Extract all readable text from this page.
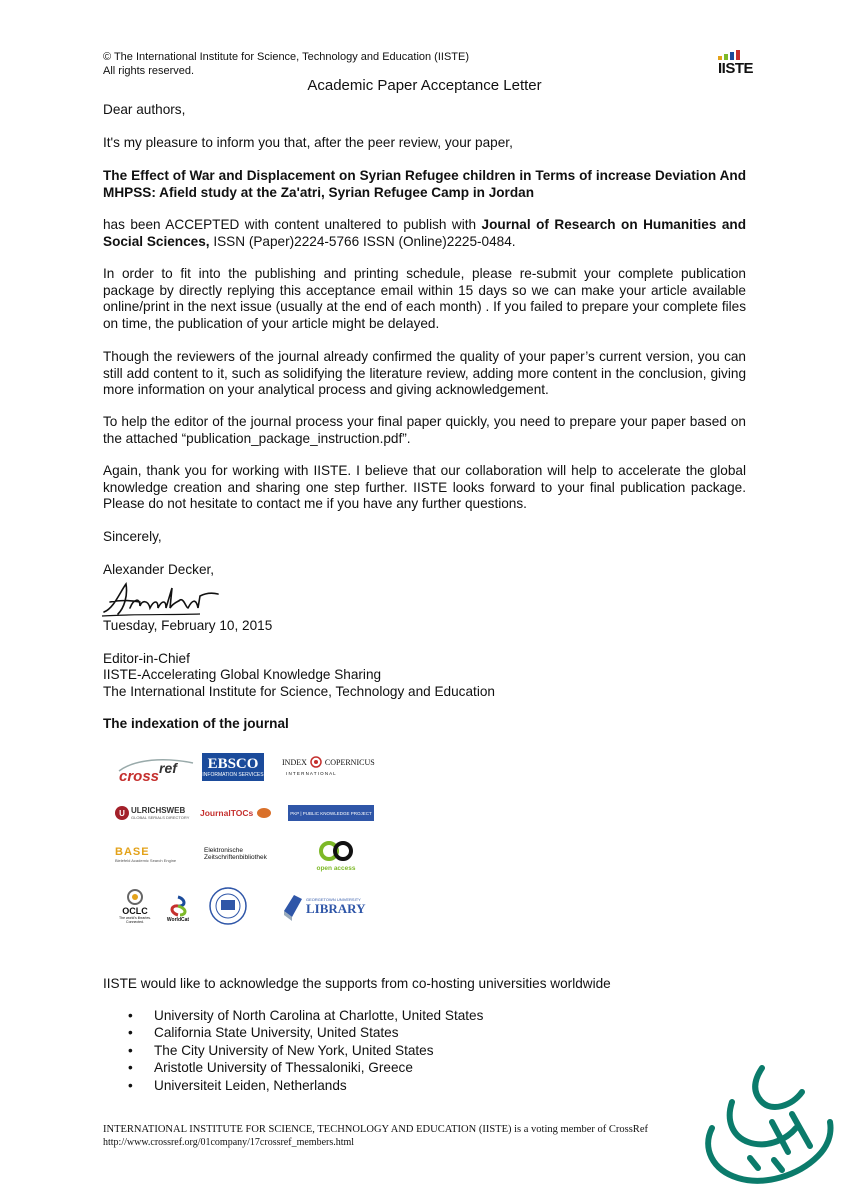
© The International Institute for Science, Technology and Education (IISTE)
All rights reserved.	IISTE
Academic Paper Acceptance Letter
Dear authors,
It's my pleasure to inform you that, after the peer review, your paper,
The Effect of War and Displacement on Syrian Refugee children in Terms of increase Deviation And MHPSS: Afield study at the Za'atri, Syrian Refugee Camp in Jordan
has been ACCEPTED with content unaltered to publish with Journal of Research on Humanities and Social Sciences, ISSN (Paper)2224-5766 ISSN (Online)2225-0484.
In order to fit into the publishing and printing schedule, please re-submit your complete publication package by directly replying this acceptance email within 15 days so we can make your article available online/print in the next issue (usually at the end of each month) . If you failed to prepare your complete files on time, the publication of your article might be delayed.
Though the reviewers of the journal already confirmed the quality of your paper’s current version, you can still add content to it, such as solidifying the literature review, adding more content in the conclusion, giving more information on your analytical process and giving acknowledgement.
To help the editor of the journal process your final paper quickly, you need to prepare your paper based on the attached “publication_package_instruction.pdf”.
Again, thank you for working with IISTE. I believe that our collaboration will help to accelerate the global knowledge creation and sharing one step further. IISTE looks forward to your final publication package. Please do not hesitate to contact me if you have any further questions.
Sincerely,
Alexander Decker,
Tuesday, February 10, 2015
Editor-in-Chief
IISTE-Accelerating Global Knowledge Sharing
The International Institute for Science, Technology and Education
The indexation of the journal
cross ref EBSCO
INFORMATION SERVICES
INDEX COPERNICUS
I N T E R N A T I O N A L
U ULRICHSWEB
GLOBAL SERIALS DIRECTORY JournalTOCs	PKP | PUBLIC KNOWLEDGE PROJECT
BASE
Bielefeld Academic Search Engine
Elektronische
Zeitschriftenbibliothek
open access
OCLC
The world's libraries. Connected.	WorldCat
GEORGETOWN UNIVERSITY
LIBRARY
IISTE would like to acknowledge the supports from co-hosting universities worldwide
• University of North Carolina at Charlotte, United States
• California State University, United States
• The City University of New York, United States
• Aristotle University of Thessaloniki, Greece
• Universiteit Leiden, Netherlands
INTERNATIONAL INSTITUTE FOR SCIENCE, TECHNOLOGY AND EDUCATION (IISTE) is a voting member of CrossRef
http://www.crossref.org/01company/17crossref_members.html
